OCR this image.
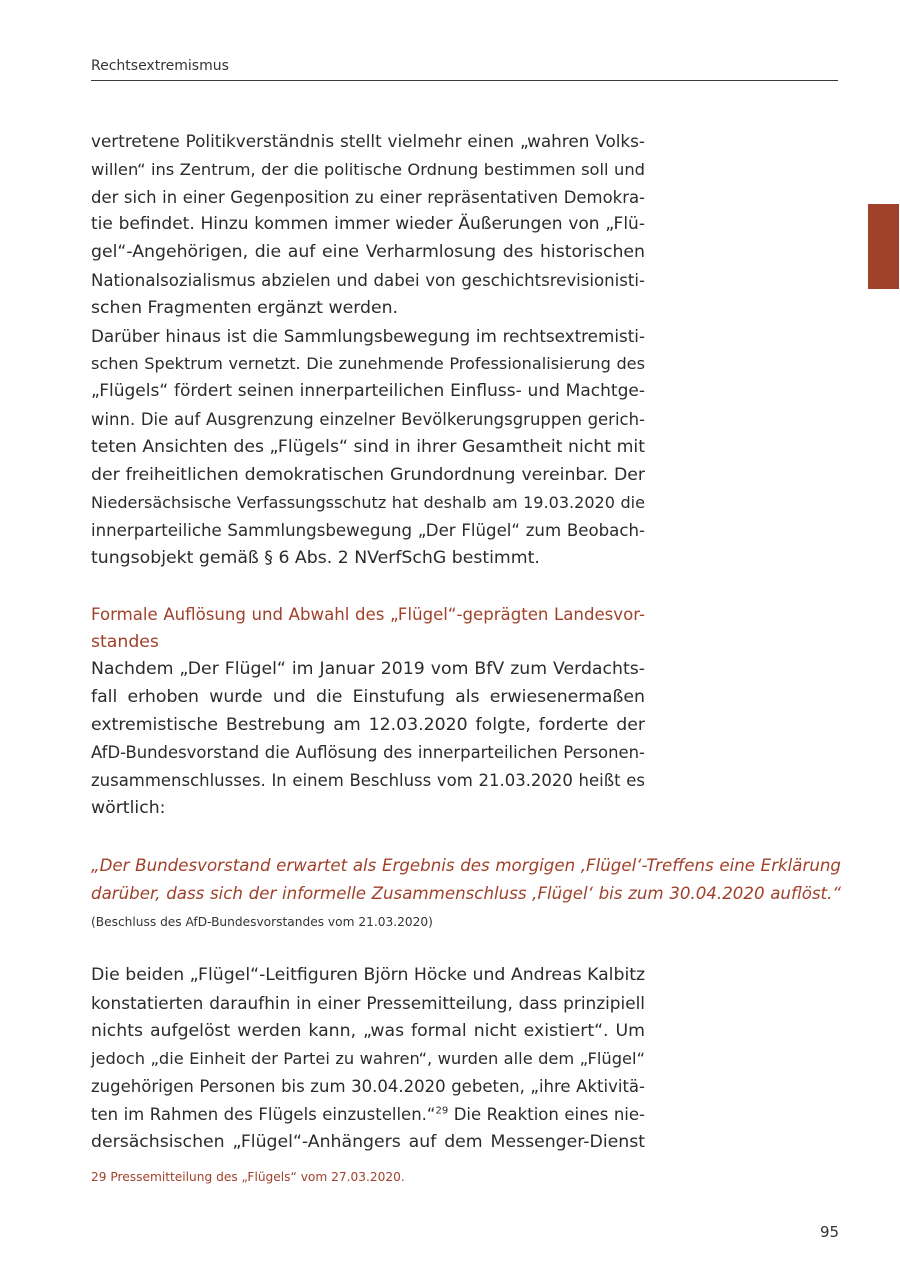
Rechtsextremismus
vertretene Politikverständnis stellt vielmehr einen „wahren Volks-
willen“ ins Zentrum, der die politische Ordnung bestimmen soll und
der sich in einer Gegenposition zu einer repräsentativen Demokra-
tie befindet. Hinzu kommen immer wieder Äußerungen von „Flü-
gel“-Angehörigen, die auf eine Verharmlosung des historischen
Nationalsozialismus abzielen und dabei von geschichtsrevisionisti-
schen Fragmenten ergänzt werden.
Darüber hinaus ist die Sammlungsbewegung im rechtsextremisti-
schen Spektrum vernetzt. Die zunehmende Professionalisierung des
„Flügels“ fördert seinen innerparteilichen Einfluss- und Machtge-
winn. Die auf Ausgrenzung einzelner Bevölkerungsgruppen gerich-
teten Ansichten des „Flügels“ sind in ihrer Gesamtheit nicht mit
der freiheitlichen demokratischen Grundordnung vereinbar. Der
Niedersächsische Verfassungsschutz hat deshalb am 19.03.2020 die
innerparteiliche Sammlungsbewegung „Der Flügel“ zum Beobach-
tungsobjekt gemäß § 6 Abs. 2 NVerfSchG bestimmt.
Formale Auflösung und Abwahl des „Flügel“-geprägten Landesvor-
standes
Nachdem „Der Flügel“ im Januar 2019 vom BfV zum Verdachts-
fall erhoben wurde und die Einstufung als erwiesenermaßen
extremistische Bestrebung am 12.03.2020 folgte, forderte der
AfD-Bundesvorstand die Auflösung des innerparteilichen Personen-
zusammenschlusses. In einem Beschluss vom 21.03.2020 heißt es
wörtlich:
„Der Bundesvorstand erwartet als Ergebnis des morgigen ‚Flügel‘-Treffens eine Erklärung
darüber, dass sich der informelle Zusammenschluss ‚Flügel‘ bis zum 30.04.2020 auflöst.“
(Beschluss des AfD-Bundesvorstandes vom 21.03.2020)
Die beiden „Flügel“-Leitfiguren Björn Höcke und Andreas Kalbitz
konstatierten daraufhin in einer Pressemitteilung, dass prinzipiell
nichts aufgelöst werden kann, „was formal nicht existiert“. Um
jedoch „die Einheit der Partei zu wahren“, wurden alle dem „Flügel“
zugehörigen Personen bis zum 30.04.2020 gebeten, „ihre Aktivitä-
ten im Rahmen des Flügels einzustellen.“$^{29}$ Die Reaktion eines nie-
dersächsischen „Flügel“-Anhängers auf dem Messenger-Dienst
29 Pressemitteilung des „Flügels“ vom 27.03.2020.
95
